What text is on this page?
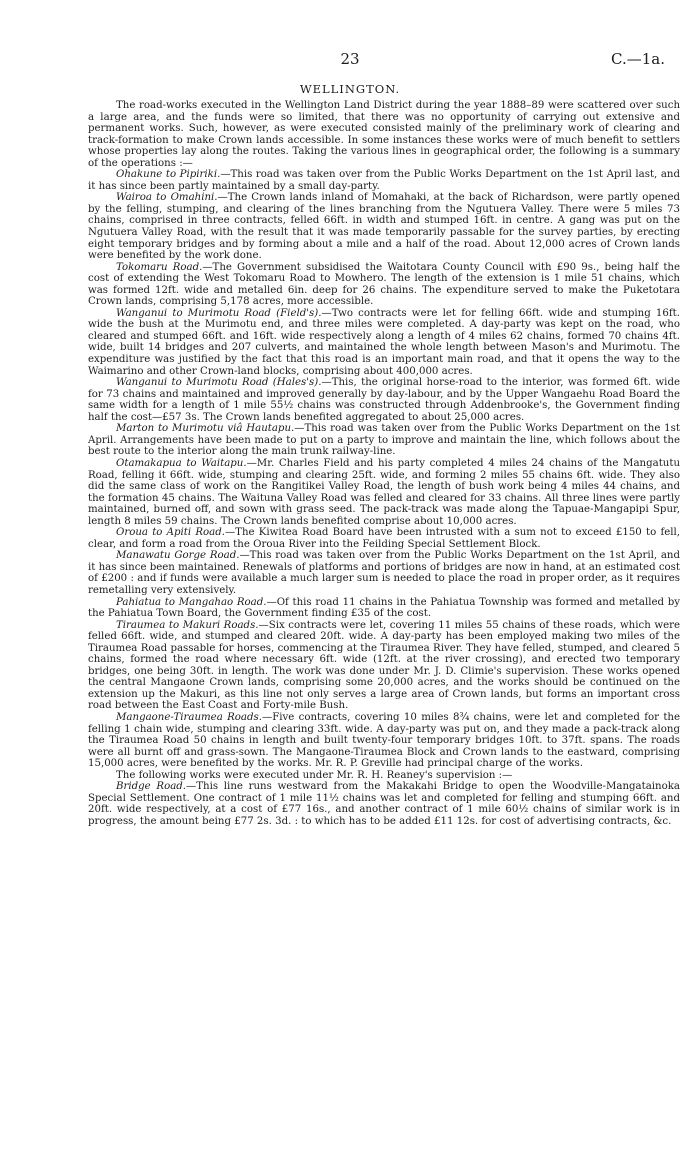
23	C.—1a.
WELLINGTON.

The road-works executed in the Wellington Land District during the year 1888–89 were scattered over such a large area, and the funds were so limited, that there was no opportunity of carrying out extensive and permanent works. Such, however, as were executed consisted mainly of the preliminary work of clearing and track-formation to make Crown lands accessible. In some instances these works were of much benefit to settlers whose properties lay along the routes. Taking the various lines in geographical order, the following is a summary of the operations :—

Ohakune to Pipiriki.—This road was taken over from the Public Works Department on the 1st April last, and it has since been partly maintained by a small day-party.

Wairoa to Omahini.—The Crown lands inland of Momahaki, at the back of Richardson, were partly opened by the felling, stumping, and clearing of the lines branching from the Ngutuera Valley. There were 5 miles 73 chains, comprised in three contracts, felled 66ft. in width and stumped 16ft. in centre. A gang was put on the Ngutuera Valley Road, with the result that it was made temporarily passable for the survey parties, by erecting eight temporary bridges and by forming about a mile and a half of the road. About 12,000 acres of Crown lands were benefited by the work done.

Tokomaru Road.—The Government subsidised the Waitotara County Council with £90 9s., being half the cost of extending the West Tokomaru Road to Mowhero. The length of the extension is 1 mile 51 chains, which was formed 12ft. wide and metalled 6in. deep for 26 chains. The expenditure served to make the Puketotara Crown lands, comprising 5,178 acres, more accessible.

Wanganui to Murimotu Road (Field's).—Two contracts were let for felling 66ft. wide and stumping 16ft. wide the bush at the Murimotu end, and three miles were completed. A day-party was kept on the road, who cleared and stumped 66ft. and 16ft. wide respectively along a length of 4 miles 62 chains, formed 70 chains 4ft. wide, built 14 bridges and 207 culverts, and maintained the whole length between Mason's and Murimotu. The expenditure was justified by the fact that this road is an important main road, and that it opens the way to the Waimarino and other Crown-land blocks, comprising about 400,000 acres.

Wanganui to Murimotu Road (Hales's).—This, the original horse-road to the interior, was formed 6ft. wide for 73 chains and maintained and improved generally by day-labour, and by the Upper Wangaehu Road Board the same width for a length of 1 mile 55½ chains was constructed through Addenbrooke's, the Government finding half the cost—£57 3s. The Crown lands benefited aggregated to about 25,000 acres.

Marton to Murimotu viâ Hautapu.—This road was taken over from the Public Works Department on the 1st April. Arrangements have been made to put on a party to improve and maintain the line, which follows about the best route to the interior along the main trunk railway-line.

Otamakapua to Waitapu.—Mr. Charles Field and his party completed 4 miles 24 chains of the Mangatutu Road, felling it 66ft. wide, stumping and clearing 25ft. wide, and forming 2 miles 55 chains 6ft. wide. They also did the same class of work on the Rangitikei Valley Road, the length of bush work being 4 miles 44 chains, and the formation 45 chains. The Waituna Valley Road was felled and cleared for 33 chains. All three lines were partly maintained, burned off, and sown with grass seed. The pack-track was made along the Tapuae-Mangapipi Spur, length 8 miles 59 chains. The Crown lands benefited comprise about 10,000 acres.

Oroua to Apiti Road.—The Kiwitea Road Board have been intrusted with a sum not to exceed £150 to fell, clear, and form a road from the Oroua River into the Feilding Special Settlement Block.

Manawatu Gorge Road.—This road was taken over from the Public Works Department on the 1st April, and it has since been maintained. Renewals of platforms and portions of bridges are now in hand, at an estimated cost of £200 : and if funds were available a much larger sum is needed to place the road in proper order, as it requires remetalling very extensively.

Pahiatua to Mangahao Road.—Of this road 11 chains in the Pahiatua Township was formed and metalled by the Pahiatua Town Board, the Government finding £35 of the cost.

Tiraumea to Makuri Roads.—Six contracts were let, covering 11 miles 55 chains of these roads, which were felled 66ft. wide, and stumped and cleared 20ft. wide. A day-party has been employed making two miles of the Tiraumea Road passable for horses, commencing at the Tiraumea River. They have felled, stumped, and cleared 5 chains, formed the road where necessary 6ft. wide (12ft. at the river crossing), and erected two temporary bridges, one being 30ft. in length. The work was done under Mr. J. D. Climie's supervision. These works opened the central Mangaone Crown lands, comprising some 20,000 acres, and the works should be continued on the extension up the Makuri, as this line not only serves a large area of Crown lands, but forms an important cross road between the East Coast and Forty-mile Bush.

Mangaone-Tiraumea Roads.—Five contracts, covering 10 miles 8¾ chains, were let and completed for the felling 1 chain wide, stumping and clearing 33ft. wide. A day-party was put on, and they made a pack-track along the Tiraumea Road 50 chains in length and built twenty-four temporary bridges 10ft. to 37ft. spans. The roads were all burnt off and grass-sown. The Mangaone-Tiraumea Block and Crown lands to the eastward, comprising 15,000 acres, were benefited by the works. Mr. R. P. Greville had principal charge of the works.

The following works were executed under Mr. R. H. Reaney's supervision :—

Bridge Road.—This line runs westward from the Makakahi Bridge to open the Woodville-Mangatainoka Special Settlement. One contract of 1 mile 11½ chains was let and completed for felling and stumping 66ft. and 20ft. wide respectively, at a cost of £77 16s., and another contract of 1 mile 60½ chains of similar work is in progress, the amount being £77 2s. 3d. : to which has to be added £11 12s. for cost of advertising contracts, &c.
